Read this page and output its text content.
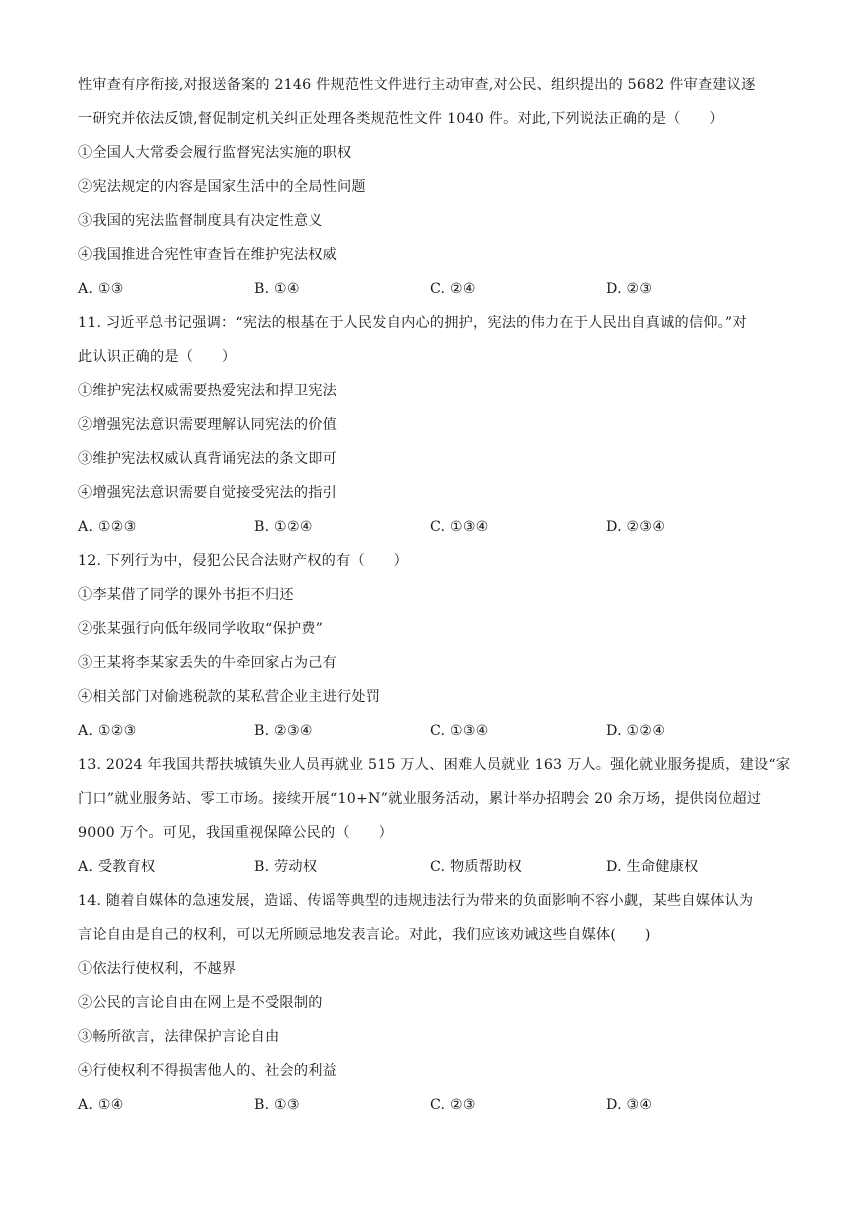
性审查有序衔接,对报送备案的 2146 件规范性文件进行主动审查,对公民、组织提出的 5682 件审查建议逐
一研究并依法反馈,督促制定机关纠正处理各类规范性文件 1040 件。对此,下列说法正确的是（　　）
①全国人大常委会履行监督宪法实施的职权
②宪法规定的内容是国家生活中的全局性问题
③我国的宪法监督制度具有决定性意义
④我国推进合宪性审查旨在维护宪法权威
A. ①③	B. ①④	C. ②④	D. ②③
11. 习近平总书记强调：“宪法的根基在于人民发自内心的拥护，宪法的伟力在于人民出自真诚的信仰。”对
此认识正确的是（　　）
①维护宪法权威需要热爱宪法和捍卫宪法
②增强宪法意识需要理解认同宪法的价值
③维护宪法权威认真背诵宪法的条文即可
④增强宪法意识需要自觉接受宪法的指引
A. ①②③	B. ①②④	C. ①③④	D. ②③④
12. 下列行为中，侵犯公民合法财产权的有（　　）
①李某借了同学的课外书拒不归还
②张某强行向低年级同学收取“保护费”
③王某将李某家丢失的牛牵回家占为己有
④相关部门对偷逃税款的某私营企业主进行处罚
A. ①②③	B. ②③④	C. ①③④	D. ①②④
13. 2024 年我国共帮扶城镇失业人员再就业 515 万人、困难人员就业 163 万人。强化就业服务提质，建设“家
门口”就业服务站、零工市场。接续开展“10+N”就业服务活动，累计举办招聘会 20 余万场，提供岗位超过
9000 万个。可见，我国重视保障公民的（　　）
A. 受教育权	B. 劳动权	C. 物质帮助权	D. 生命健康权
14. 随着自媒体的急速发展，造谣、传谣等典型的违规违法行为带来的负面影响不容小觑，某些自媒体认为
言论自由是自己的权利，可以无所顾忌地发表言论。对此，我们应该劝诫这些自媒体(　　)
①依法行使权利，不越界
②公民的言论自由在网上是不受限制的
③畅所欲言，法律保护言论自由
④行使权利不得损害他人的、社会的利益
A. ①④	B. ①③	C. ②③	D. ③④
